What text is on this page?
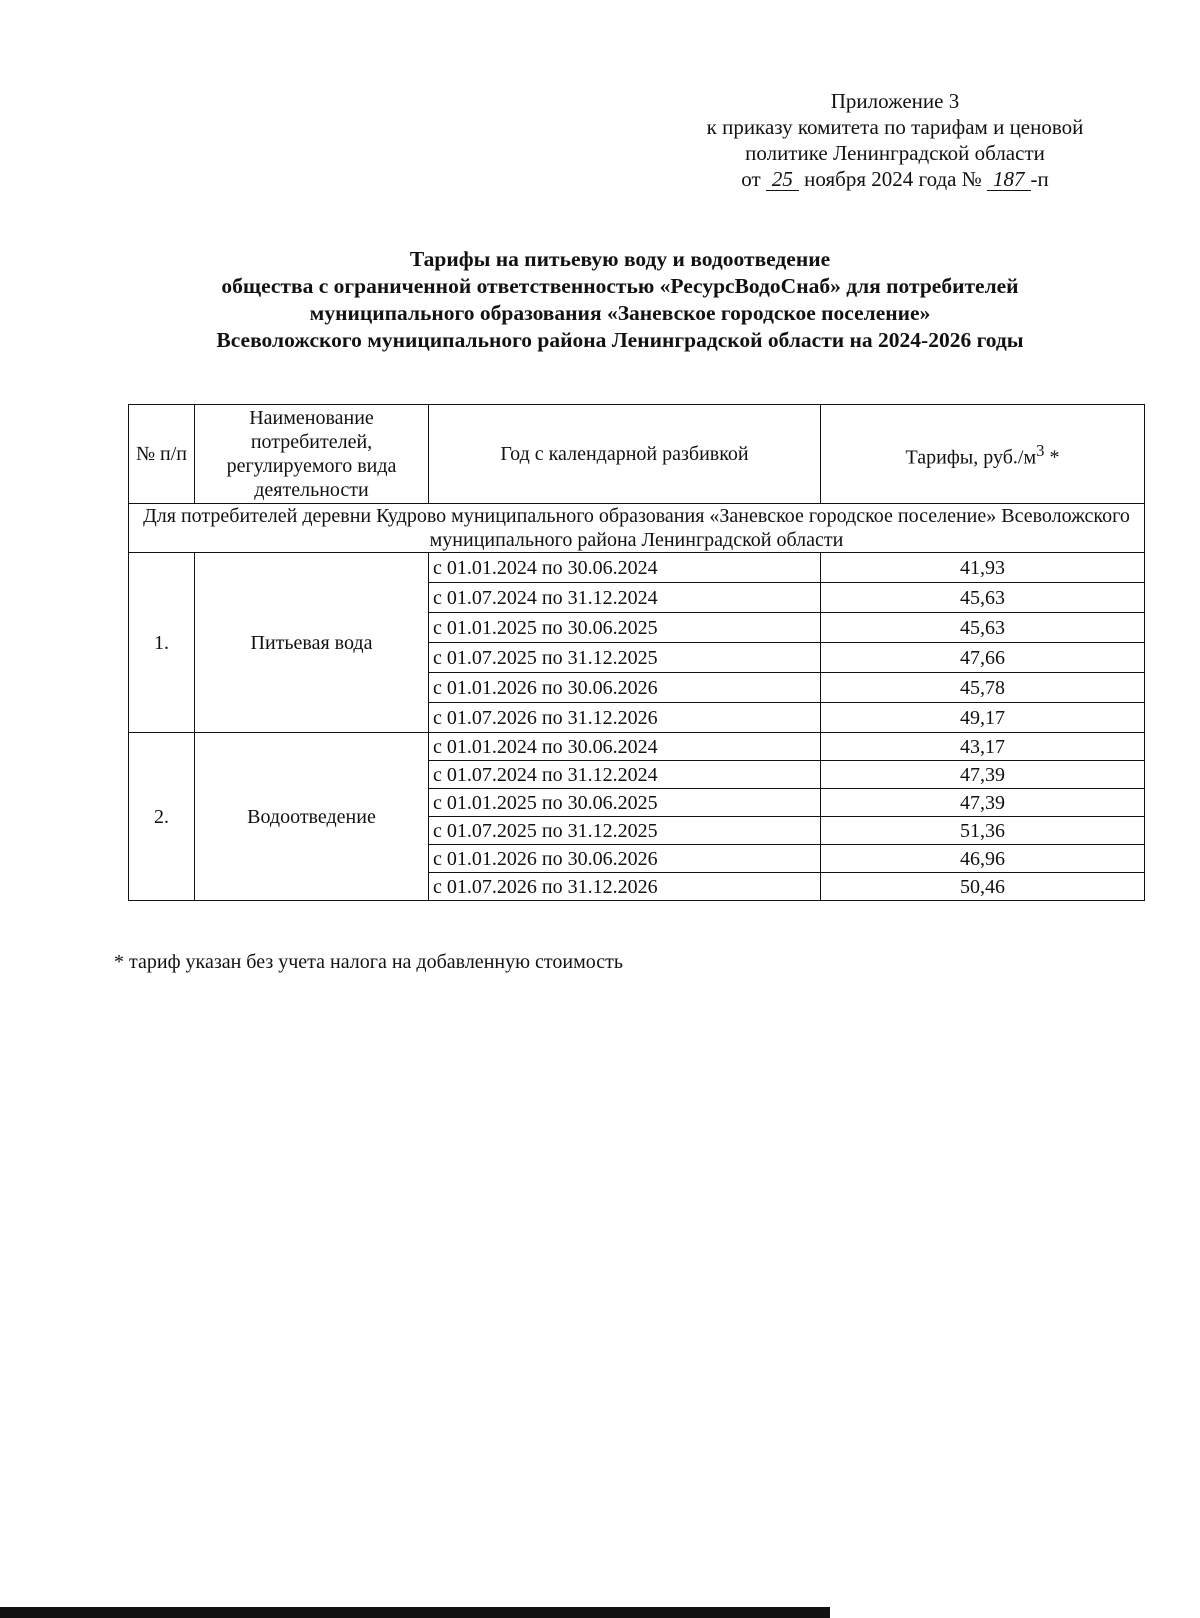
Приложение 3
к приказу комитета по тарифам и ценовой
политике Ленинградской области
от 25 ноября 2024 года № 187 -п
Тарифы на питьевую воду и водоотведение
общества с ограниченной ответственностью «РесурсВодоСнаб» для потребителей
муниципального образования «Заневское городское поселение»
Всеволожского муниципального района Ленинградской области на 2024-2026 годы
№ п/п	Наименование потребителей, регулируемого вида деятельности	Год с календарной разбивкой	Тарифы, $руб./м^3$ *
Для потребителей деревни Кудрово муниципального образования «Заневское городское поселение» Всеволожского муниципального района Ленинградской области			
1.	Питьевая вода	с 01.01.2024 по 30.06.2024	41,93
		с 01.07.2024 по 31.12.2024	45,63
		с 01.01.2025 по 30.06.2025	45,63
		с 01.07.2025 по 31.12.2025	47,66
		с 01.01.2026 по 30.06.2026	45,78
		с 01.07.2026 по 31.12.2026	49,17
2.	Водоотведение	с 01.01.2024 по 30.06.2024	43,17
		с 01.07.2024 по 31.12.2024	47,39
		с 01.01.2025 по 30.06.2025	47,39
		с 01.07.2025 по 31.12.2025	51,36
		с 01.01.2026 по 30.06.2026	46,96
		с 01.07.2026 по 31.12.2026	50,46
* тариф указан без учета налога на добавленную стоимость
